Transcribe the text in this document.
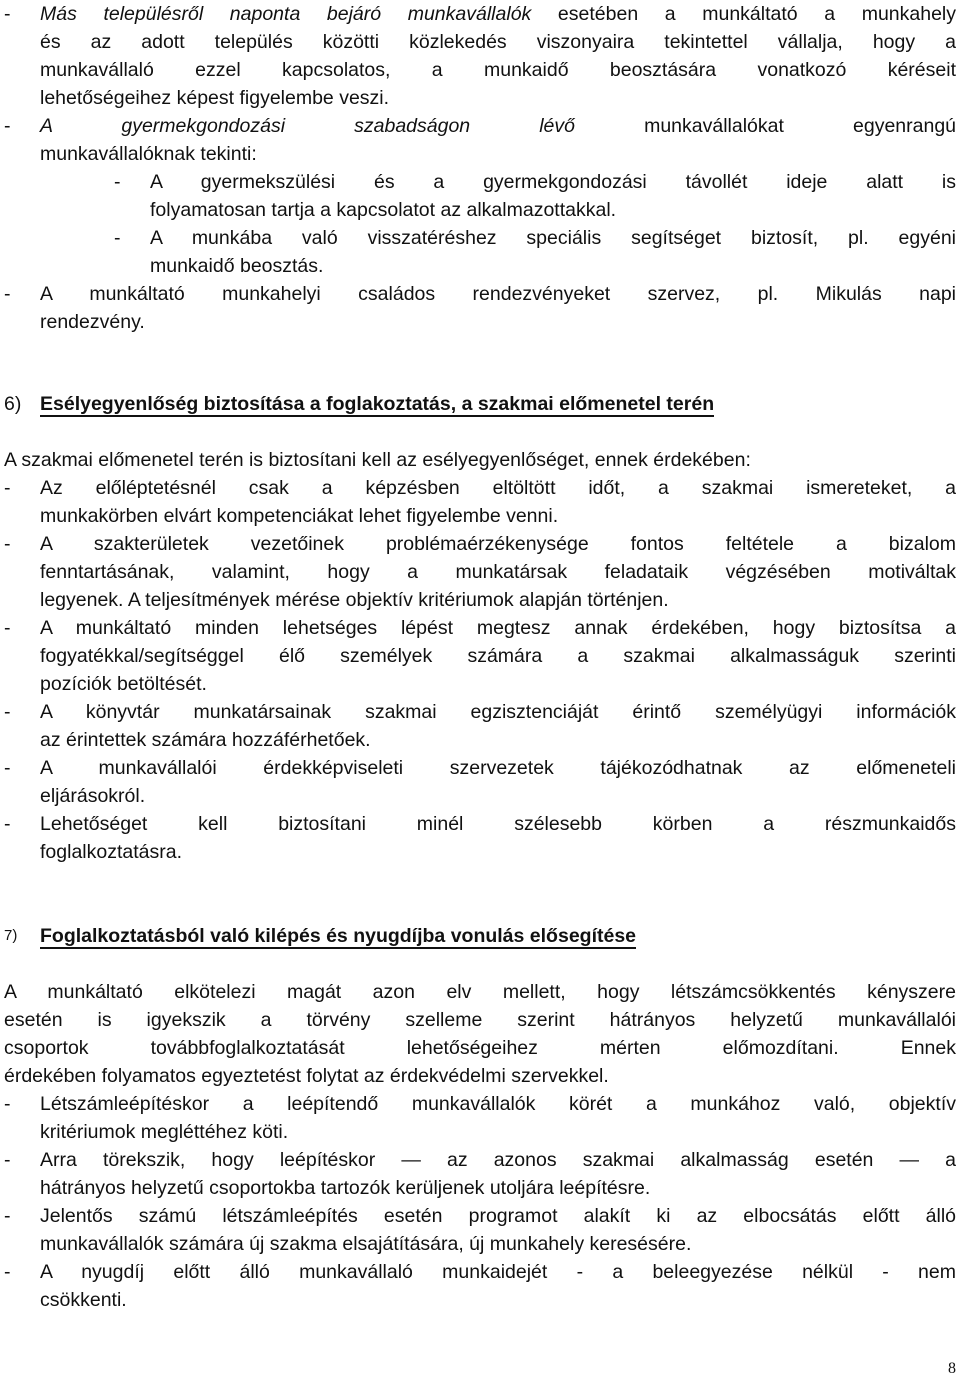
- Más településről naponta bejáró munkavállalók esetében a munkáltató a munkahely
és az adott település közötti közlekedés viszonyaira tekintettel vállalja, hogy a
munkavállaló ezzel kapcsolatos, a munkaidő beosztására vonatkozó kéréseit
lehetőségeihez képest figyelembe veszi.
- A gyermekgondozási szabadságon lévő	munkavállalókat egyenrangú
munkavállalóknak tekinti:
- A gyermekszülési és a gyermekgondozási távollét ideje alatt is
folyamatosan tartja a kapcsolatot az alkalmazottakkal.
- A munkába való visszatéréshez speciális segítséget biztosít, pl. egyéni
munkaidő beosztás.
- A munkáltató munkahelyi családos rendezvényeket szervez, pl. Mikulás napi
rendezvény.
6) Esélyegyenlőség biztosítása a foglakoztatás, a szakmai előmenetel terén
A szakmai előmenetel terén is biztosítani kell az esélyegyenlőséget, ennek érdekében:
- Az előléptetésnél csak a képzésben eltöltött időt, a szakmai ismereteket, a
munkakörben elvárt kompetenciákat lehet figyelembe venni.
- A szakterületek vezetőinek problémaérzékenysége fontos feltétele a bizalom
fenntartásának, valamint, hogy a munkatársak feladataik végzésében motiváltak
legyenek. A teljesítmények mérése objektív kritériumok alapján történjen.
- A munkáltató minden lehetséges lépést megtesz annak érdekében, hogy biztosítsa a
fogyatékkal/segítséggel élő személyek számára a szakmai alkalmasságuk szerinti
pozíciók betöltését.
- A könyvtár munkatársainak szakmai egzisztenciáját érintő személyügyi információk
az érintettek számára hozzáférhetőek.
- A munkavállalói érdekképviseleti szervezetek tájékozódhatnak az előmeneteli
eljárásokról.
- Lehetőséget kell biztosítani minél szélesebb körben a részmunkaidős
foglalkoztatásra.
7) Foglalkoztatásból való kilépés és nyugdíjba vonulás elősegítése
A munkáltató elkötelezi magát azon elv mellett, hogy létszámcsökkentés kényszere
esetén is igyekszik a törvény szelleme szerint hátrányos helyzetű munkavállalói
csoportok továbbfoglalkoztatását lehetőségeihez mérten előmozdítani. Ennek
érdekében folyamatos egyeztetést folytat az érdekvédelmi szervekkel.
- Létszámleépítéskor a leépítendő munkavállalók körét a munkához való, objektív
kritériumok megléttéhez köti.
- Arra törekszik, hogy leépítéskor — az azonos szakmai alkalmasság esetén — a
hátrányos helyzetű csoportokba tartozók kerüljenek utoljára leépítésre.
- Jelentős számú létszámleépítés esetén programot alakít ki az elbocsátás előtt álló
munkavállalók számára új szakma elsajátítására, új munkahely keresésére.
- A nyugdíj előtt álló munkavállaló munkaidejét - a beleegyezése nélkül - nem
csökkenti.
8
